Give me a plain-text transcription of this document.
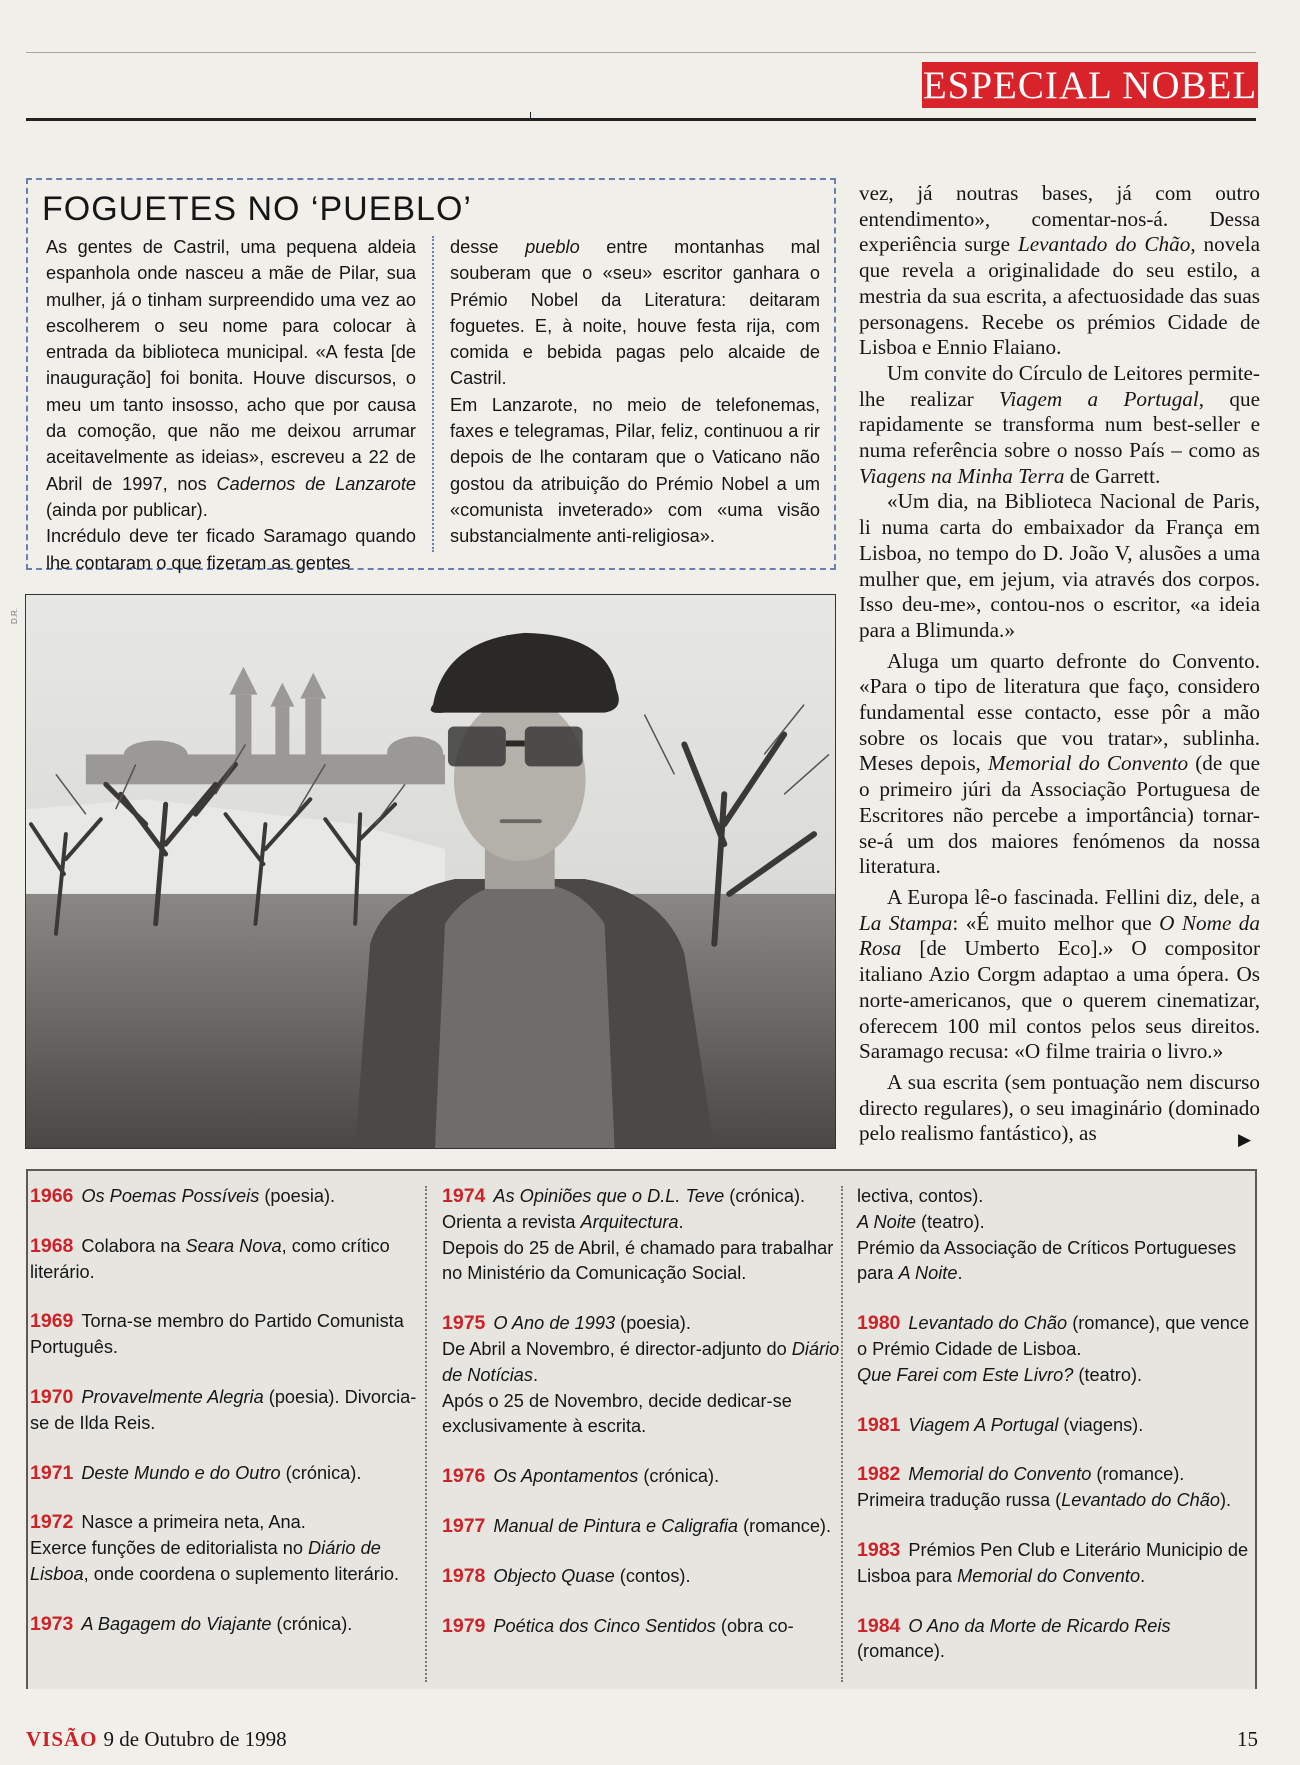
ESPECIAL NOBEL
FOGUETES NO ‘PUEBLO’

As gentes de Castril, uma pequena aldeia espanhola onde nasceu a mãe de Pilar, sua mulher, já o tinham surpreendido uma vez ao escolherem o seu nome para colocar à entrada da biblioteca municipal. «A festa [de inauguração] foi bonita. Houve discursos, o meu um tanto insosso, acho que por causa da comoção, que não me deixou arrumar aceitavelmente as ideias», escreveu a 22 de Abril de 1997, nos Cadernos de Lanzarote (ainda por publicar).

Incrédulo deve ter ficado Saramago quando lhe contaram o que fizeram as gentes

desse pueblo entre montanhas mal souberam que o «seu» escritor ganhara o Prémio Nobel da Literatura: deitaram foguetes. E, à noite, houve festa rija, com comida e bebida pagas pelo alcaide de Castril.

Em Lanzarote, no meio de telefonemas, faxes e telegramas, Pilar, feliz, continuou a rir depois de lhe contaram que o Vaticano não gostou da atribuição do Prémio Nobel a um «comunista inveterado» com «uma visão substancialmente anti-religiosa».

D.R.

vez, já noutras bases, já com outro entendimento», comentar-nos-á. Dessa experiência surge Levantado do Chão, novela que revela a originalidade do seu estilo, a mestria da sua escrita, a afectuosidade das suas personagens. Recebe os prémios Cidade de Lisboa e Ennio Flaiano.

Um convite do Círculo de Leitores permite-lhe realizar Viagem a Portugal, que rapidamente se transforma num best-seller e numa referência sobre o nosso País – como as Viagens na Minha Terra de Garrett.

«Um dia, na Biblioteca Nacional de Paris, li numa carta do embaixador da França em Lisboa, no tempo do D. João V, alusões a uma mulher que, em jejum, via através dos corpos. Isso deu-me», contou-nos o escritor, «a ideia para a Blimunda.»

Aluga um quarto defronte do Convento. «Para o tipo de literatura que faço, considero fundamental esse contacto, esse pôr a mão sobre os locais que vou tratar», sublinha. Meses depois, Memorial do Convento (de que o primeiro júri da Associação Portuguesa de Escritores não percebe a importância) tornar-se-á um dos maiores fenómenos da nossa literatura.

A Europa lê-o fascinada. Fellini diz, dele, a La Stampa: «É muito melhor que O Nome da Rosa [de Umberto Eco].» O compositor italiano Azio Corgm adaptao a uma ópera. Os norte-americanos, que o querem cinematizar, oferecem 100 mil contos pelos seus direitos. Saramago recusa: «O filme trairia o livro.»

A sua escrita (sem pontuação nem discurso directo regulares), o seu imaginário (dominado pelo realismo fantástico), as	▶

1966 Os Poemas Possíveis (poesia).

1968 Colabora na Seara Nova, como crítico literário.

1969 Torna-se membro do Partido Comunista Português.

1970 Provavelmente Alegria (poesia). Divorcia-se de Ilda Reis.

1971 Deste Mundo e do Outro (crónica).

1972 Nasce a primeira neta, Ana.
Exerce funções de editorialista no Diário de Lisboa, onde coordena o suplemento literário.

1973 A Bagagem do Viajante (crónica).

1974 As Opiniões que o D.L. Teve (crónica).
Orienta a revista Arquitectura.
Depois do 25 de Abril, é chamado para trabalhar no Ministério da Comunicação Social.

1975 O Ano de 1993 (poesia).
De Abril a Novembro, é director-adjunto do Diário de Notícias.
Após o 25 de Novembro, decide dedicar-se exclusivamente à escrita.

1976 Os Apontamentos (crónica).

1977 Manual de Pintura e Caligrafia (romance).

1978 Objecto Quase (contos).

1979 Poética dos Cinco Sentidos (obra co-

lectiva, contos).
A Noite (teatro).
Prémio da Associação de Críticos Portugueses para A Noite.

1980 Levantado do Chão (romance), que vence o Prémio Cidade de Lisboa.
Que Farei com Este Livro? (teatro).

1981 Viagem A Portugal (viagens).

1982 Memorial do Convento (romance).
Primeira tradução russa (Levantado do Chão).

1983 Prémios Pen Club e Literário Municipio de Lisboa para Memorial do Convento.

1984 O Ano da Morte de Ricardo Reis (romance).

VISÃO 9 de Outubro de 1998	15
